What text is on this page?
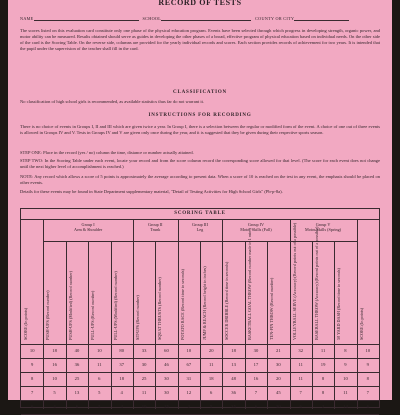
RECORD OF TESTS
NAME	SCHOOL	COUNTY OR CITY

The scores listed on this evaluation card constitute only one phase of the physical education program. Events have been selected through which progress in developing strength, organic power, and motor ability can be measured. Results obtained should serve as guides in developing the other phases of a broad, effective program of physical education based on individual needs. On the other side of the card is the Scoring Table. On the reverse side, columns are provided for the yearly individual records and scores. Each section provides records of achievement for two years. It is intended that the pupil under the supervision of the teacher shall fill in the card.

CLASSIFICATION

No classification of high school girls is recommended, as available statistics thus far do not warrant it.

INSTRUCTIONS FOR RECORDING

There is no choice of events in Groups I, II and III which are given twice a year. In Group I, there is a selection between the regular or modified form of the event. A choice of one out of three events is allowed in Groups IV and V. Tests in Groups IV and V are given only once during the year, and it is suggested that they be given during their respective sports season.

STEP ONE: Place in the record (yes / no) column the time, distance or number actually attained.

STEP TWO: In the Scoring Table under each event, locate your record and from the score column record the corresponding score allowed for that level. (The score for each event does not change until the next higher level of accomplishment is reached.)

NOTE: Any record which allows a score of 5 points is approximately the average according to present data. When a score of 10 is reached on the test in any event, the emphasis should be placed on other events.

Details for these events may be found in State Department supplementary material, "Detail of Testing Activities for High School Girls" (Pb-p-8a).

SCORING TABLE
Group I
Arm & Shoulder
Group II
Trunk
Group III
Leg
Group IV
Motor Skills (Fall)
Group V
Motor Skills (Spring)
SCORE (In points)	PUSH-UPS (Record number)	PUSH-UPS (Modified) (Record number)	PULL-UPS (Record number)	PULL-UPS (Modified) (Record number)	SIT-UPS (Record number)	SQUAT THRUSTS (Record number)	POTATO RACE (Record time in seconds)	JUMP & REACH (Record height in inches)	SOCCER DRIBBLE (Record time in seconds)	BASKETBALL GOAL THROW (Record number made in 1 min.)	TEN-PIN THROW (Record number)	VOLLEYBALL SERVE (Accuracy) (Record points out of a possible)	BASEBALL THROW (Accuracy) (Record points out of a possible)	50 YARD DASH (Record time in seconds)	SCORE (In points)
10	18	40	10	80	33	60	10	20	18	30	21	32	11	8	10
9	16	36	11	37	30	46	67	11	13	17	30	11	19	9	9
8	10	25	6	18	25	30	31	18	48	16	20	11	8	10	8
7	5	13	5	4	11	30	12	6	36	7	45	7	8	11	7
6	4	6	5	4	10	25	2	5	35	6	30	6	2	14	6
